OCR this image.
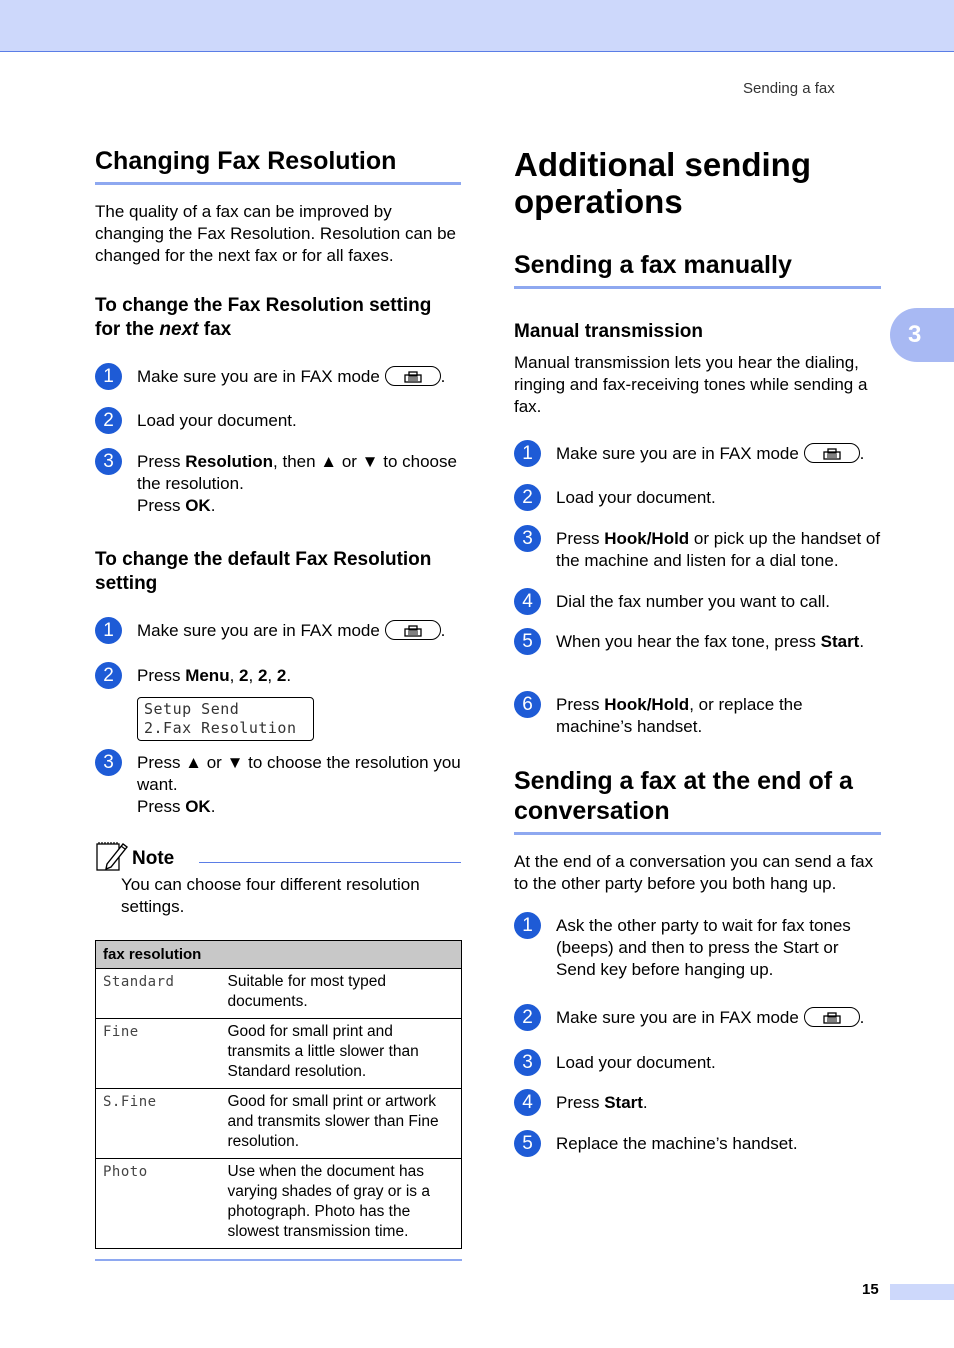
Sending a fax
3
Changing Fax Resolution

The quality of a fax can be improved by changing the Fax Resolution. Resolution can be changed for the next fax or for all faxes.

To change the Fax Resolution setting for the next fax
1	Make sure you are in FAX mode	.
2	Load your document.
3	Press Resolution, then ▲ or ▼ to choose the resolution.
Press OK.
To change the default Fax Resolution setting
1	Make sure you are in FAX mode	.
2	Press Menu, 2, 2, 2.
Setup Send
2.Fax Resolution
3	Press ▲ or ▼ to choose the resolution you want.
Press OK.
Note

You can choose four different resolution settings.

fax resolution	
Standard	Suitable for most typed documents.
Fine	Good for small print and transmits a little slower than Standard resolution.
S.Fine	Good for small print or artwork and transmits slower than Fine resolution.
Photo	Use when the document has varying shades of gray or is a photograph. Photo has the slowest transmission time.
Additional sending operations
Sending a fax manually
Manual transmission

Manual transmission lets you hear the dialing, ringing and fax-receiving tones while sending a fax.

1	Make sure you are in FAX mode	.
2	Load your document.
3	Press Hook/Hold or pick up the handset of the machine and listen for a dial tone.
4	Dial the fax number you want to call.
5	When you hear the fax tone, press Start.
6	Press Hook/Hold, or replace the machine’s handset.
Sending a fax at the end of a conversation

At the end of a conversation you can send a fax to the other party before you both hang up.

1	Ask the other party to wait for fax tones (beeps) and then to press the Start or Send key before hanging up.
2	Make sure you are in FAX mode	.
3	Load your document.
4	Press Start.
5	Replace the machine’s handset.
15
